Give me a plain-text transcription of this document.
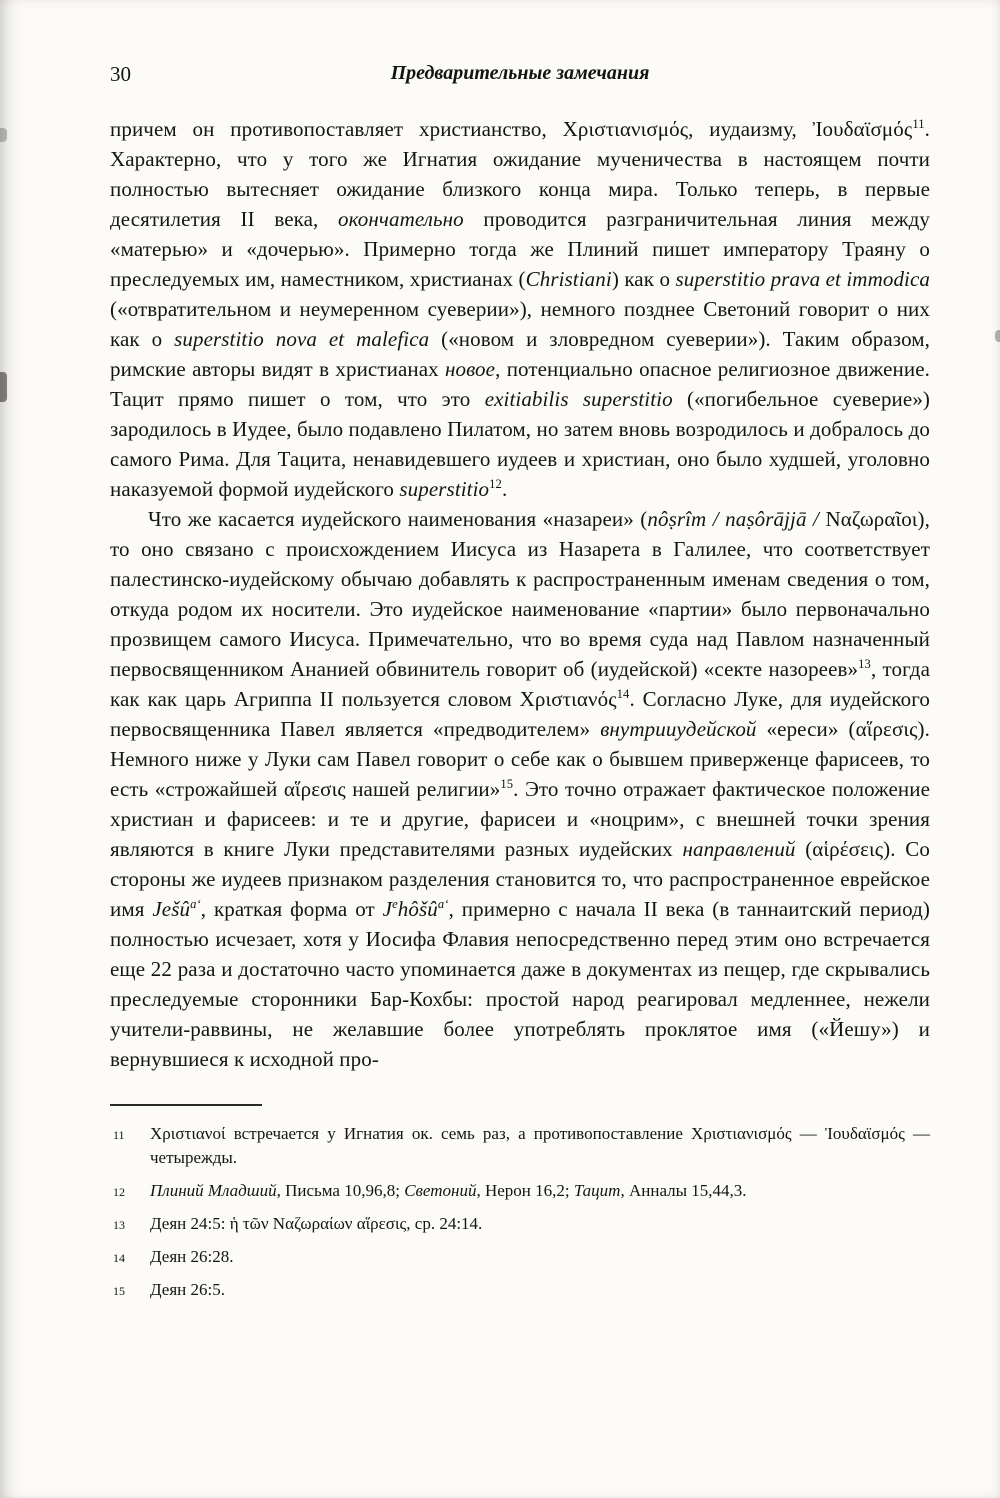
30	Предварительные замечания

причем он противопоставляет христианство, Χριστιανισμός, иудаизму, Ἰουδαϊσμός$^{11}$. Характерно, что у того же Игнатия ожидание мученичества в настоящем почти полностью вытесняет ожидание близкого конца мира. Только теперь, в первые десятилетия II века, окончательно проводится разграничительная линия между «матерью» и «дочерью». Примерно тогда же Плиний пишет императору Траяну о преследуемых им, наместником, христианах (Christiani) как о superstitio prava et immodica («отвратительном и неумеренном суеверии»), немного позднее Светоний говорит о них как о superstitio nova et malefica («новом и зловредном суеверии»). Таким образом, римские авторы видят в христианах новое, потенциально опасное религиозное движение. Тацит прямо пишет о том, что это exitiabilis superstitio («погибельное суеверие») зародилось в Иудее, было подавлено Пилатом, но затем вновь возродилось и добралось до самого Рима. Для Тацита, ненавидевшего иудеев и христиан, оно было худшей, уголовно наказуемой формой иудейского superstitio$^{12}$.

Что же касается иудейского наименования «назареи» (nôṣrîm / naṣôrājjā / Ναζωραῖοι), то оно связано с происхождением Иисуса из Назарета в Галилее, что соответствует палестинско-иудейскому обычаю добавлять к распространенным именам сведения о том, откуда родом их носители. Это иудейское наименование «партии» было первоначально прозвищем самого Иисуса. Примечательно, что во время суда над Павлом назначенный первосвященником Ананией обвинитель говорит об (иудейской) «секте назореев»$^{13}$, тогда как как царь Агриппа II пользуется словом Χριστιανός$^{14}$. Согласно Луке, для иудейского первосвященника Павел является «предводителем» внутрииудейской «ереси» (αἵρεσις). Немного ниже у Луки сам Павел говорит о себе как о бывшем приверженце фарисеев, то есть «строжайшей αἵρεσις нашей религии»$^{15}$. Это точно отражает фактическое положение христиан и фарисеев: и те и другие, фарисеи и «ноцрим», с внешней точки зрения являются в книге Луки представителями разных иудейских направлений (αἱρέσεις). Со стороны же иудеев признаком разделения становится то, что распространенное еврейское имя Ješû$^{a‘}$, краткая форма от J$^e$hôšû$^{a‘}$, примерно с начала II века (в таннаитский период) полностью исчезает, хотя у Иосифа Флавия непосредственно перед этим оно встречается еще 22 раза и достаточно часто упоминается даже в документах из пещер, где скрывались преследуемые сторонники Бар-Кохбы: простой народ реагировал медленнее, нежели учители-раввины, не желавшие более употреблять проклятое имя («Йешу») и вернувшиеся к исходной про-

11 Χριστιανοί встречается у Игнатия ок. семь раз, а противопоставление Χριστιανισμός — Ἰουδαϊσμός — четырежды.
12 Плиний Младший, Письма 10,96,8; Светоний, Нерон 16,2; Тацит, Анналы 15,44,3.
13 Деян 24:5: ἡ τῶν Ναζωραίων αἵρεσις, ср. 24:14.
14 Деян 26:28.
15 Деян 26:5.
